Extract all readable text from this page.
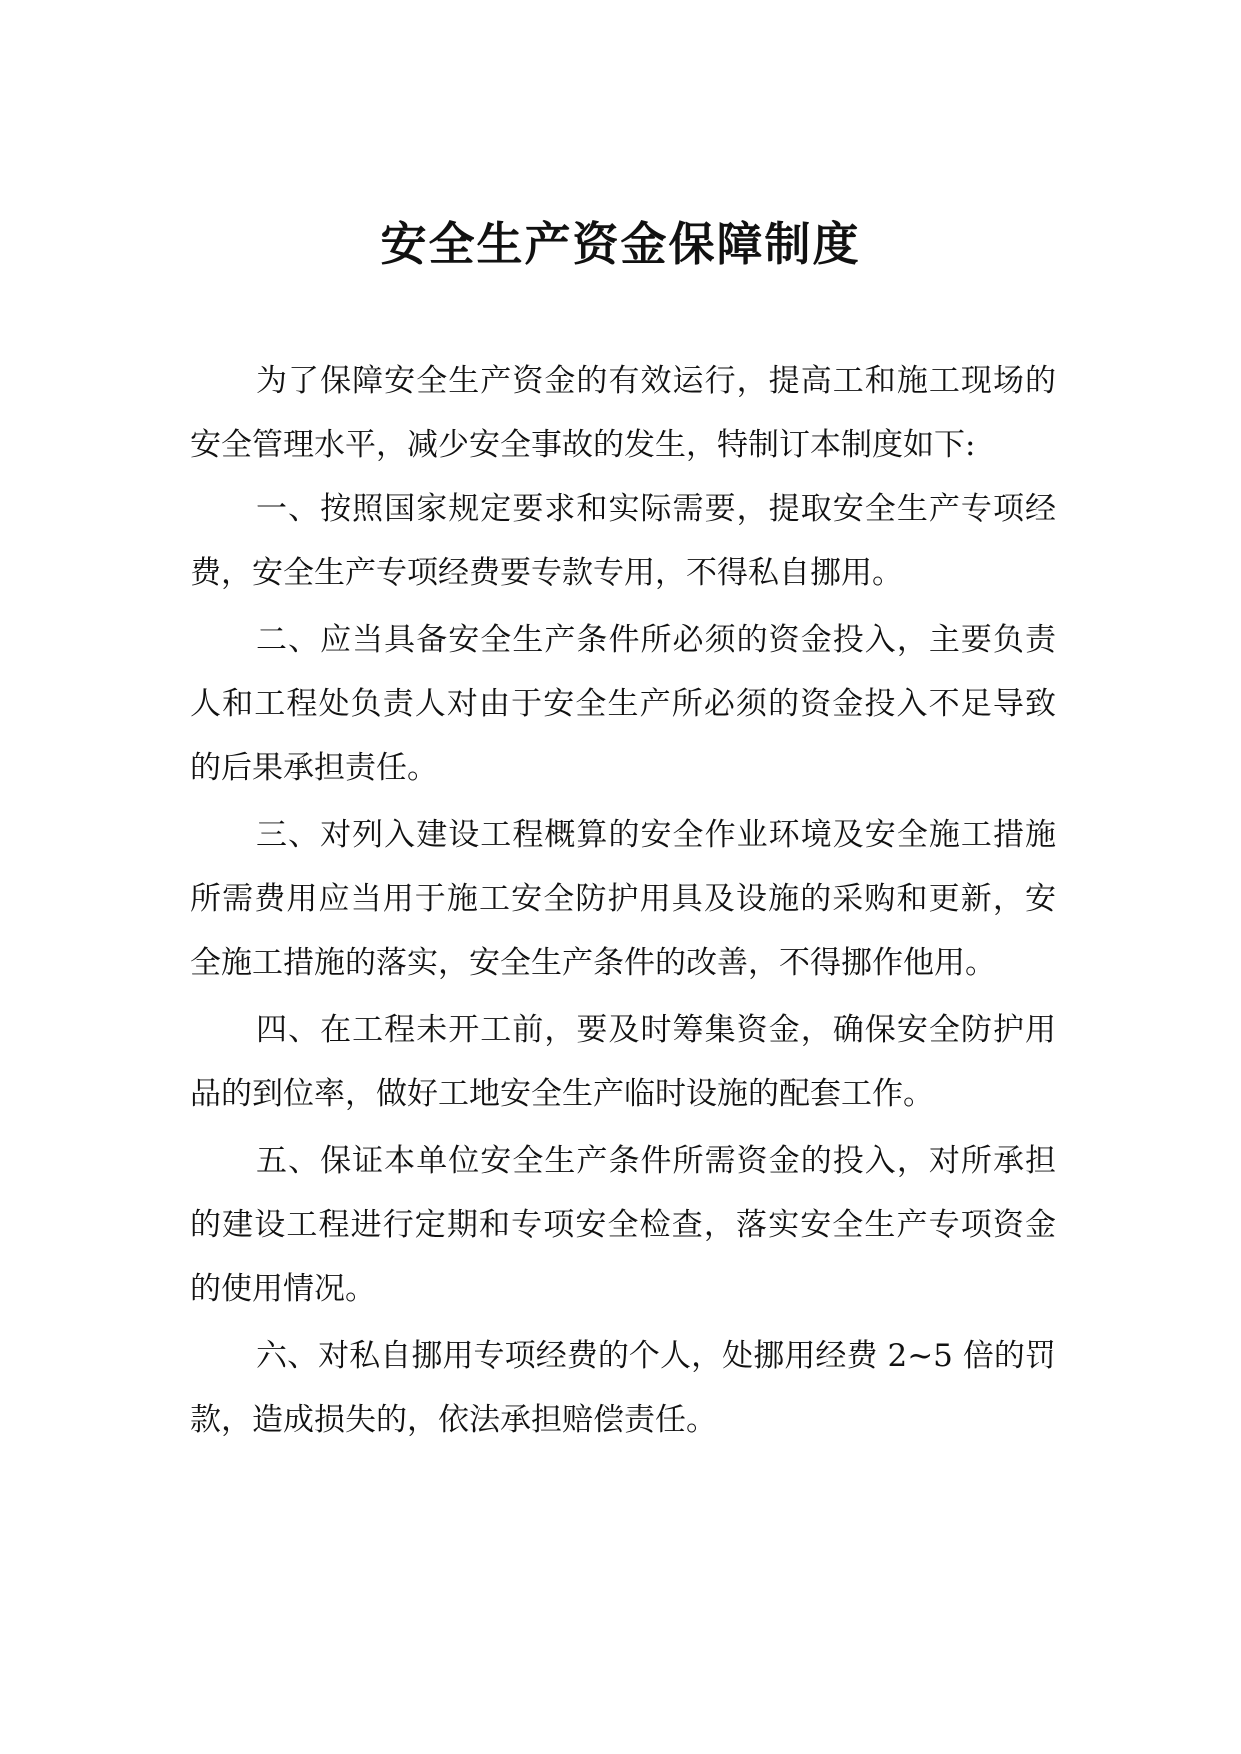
安全生产资金保障制度

为了保障安全生产资金的有效运行，提高工和施工现场的安全管理水平，减少安全事故的发生，特制订本制度如下:

一、按照国家规定要求和实际需要，提取安全生产专项经费，安全生产专项经费要专款专用，不得私自挪用。

二、应当具备安全生产条件所必须的资金投入，主要负责人和工程处负责人对由于安全生产所必须的资金投入不足导致的后果承担责任。

三、对列入建设工程概算的安全作业环境及安全施工措施所需费用应当用于施工安全防护用具及设施的采购和更新，安全施工措施的落实，安全生产条件的改善，不得挪作他用。

四、在工程未开工前，要及时筹集资金，确保安全防护用品的到位率，做好工地安全生产临时设施的配套工作。

五、保证本单位安全生产条件所需资金的投入，对所承担的建设工程进行定期和专项安全检查，落实安全生产专项资金的使用情况。

六、对私自挪用专项经费的个人，处挪用经费 2~5 倍的罚款，造成损失的，依法承担赔偿责任。
